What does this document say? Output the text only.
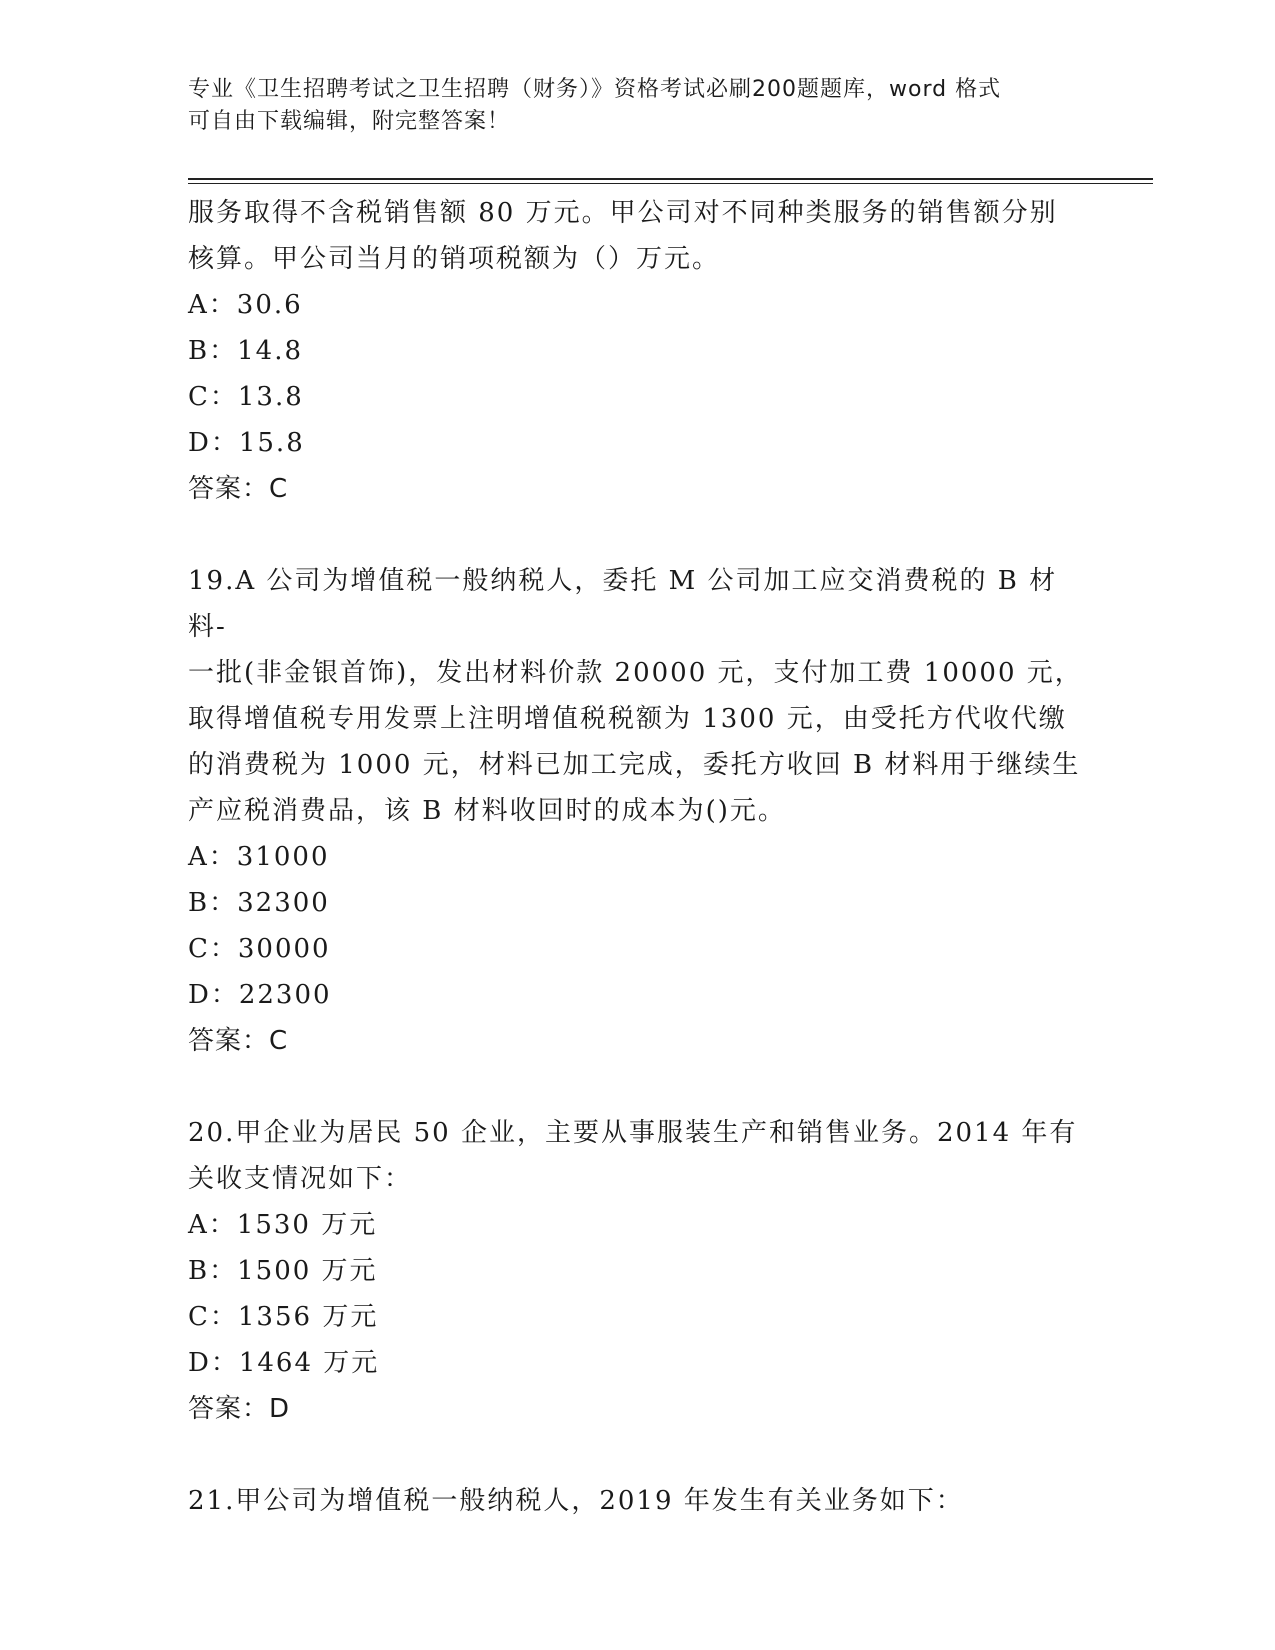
专业《卫生招聘考试之卫生招聘（财务）》资格考试必刷200题题库，word 格式
可自由下载编辑，附完整答案！

服务取得不含税销售额 80 万元。甲公司对不同种类服务的销售额分别

核算。甲公司当月的销项税额为（）万元。

A：30.6

B：14.8

C：13.8

D：15.8

答案：C

19.A 公司为增值税一般纳税人，委托 M 公司加工应交消费税的 B 材料-

一批(非金银首饰)，发出材料价款 20000 元，支付加工费 10000 元，

取得增值税专用发票上注明增值税税额为 1300 元，由受托方代收代缴

的消费税为 1000 元，材料已加工完成，委托方收回 B 材料用于继续生

产应税消费品，该 B 材料收回时的成本为()元。

A：31000

B：32300

C：30000

D：22300

答案：C

20.甲企业为居民 50 企业，主要从事服装生产和销售业务。2014 年有

关收支情况如下：

A：1530 万元

B：1500 万元

C：1356 万元

D：1464 万元

答案：D

21.甲公司为增值税一般纳税人，2019 年发生有关业务如下：
